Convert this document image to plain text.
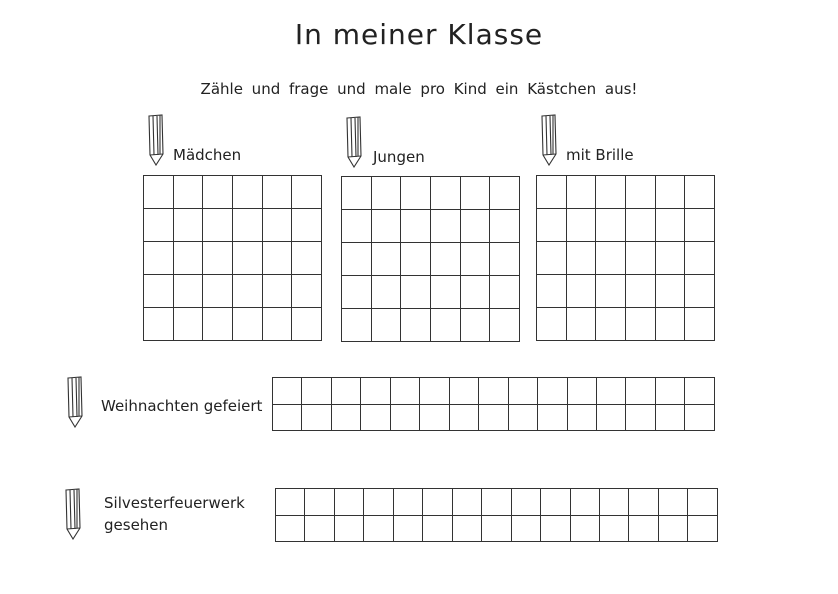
In meiner Klasse
Zähle und frage und male pro Kind ein Kästchen aus!
Mädchen	Jungen	mit Brille
Weihnachten gefeiert
Silvesterfeuerwerk
gesehen
